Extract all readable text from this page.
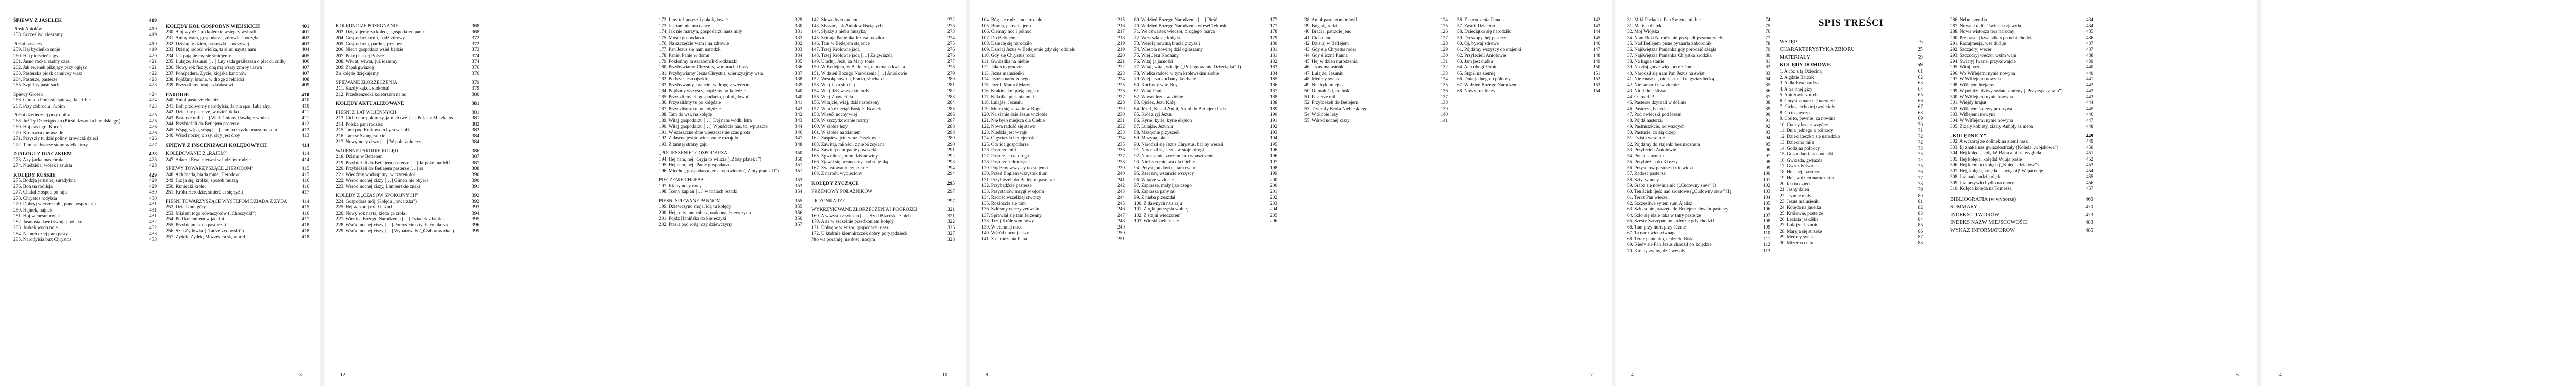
ŚPIEWY Z JASEŁEK	419
Piosk Aniołów	419
258. Szczęśliwi cieszamy	419
Pieśni pasterzy	419
259. Hej bydłeńko moje	419
260. Hej pierścień ujgy	420
261. Jasno rocka, cudny czas	421
262. Jak ewenek pikujący przy ogięzc	421
263. Pasterska piosk cannicky wasz	422
264. Pasterze, pasterze	423
265. Szpilbry pastusach	423
Śpiewy Głosek	424
266. Górek o Podłasiu śpiewąj ku Tobie	424
267. Przy dobrociu Twoim	425
Pieśni dźwięcznej przy dbiłku	425
268. Już Ty Dzieciątecku (Pieśń dzwonka huculskiego)	425
269. Hoj nas ugra Kocoń	426
270. Kirkowca tomasz Ile	426
271. Przyszły tu dziś poliny krowicki dzieci	426
272. Tam na dworze stoim wielka troy	427
DIAŁOGI Z DIACZKIEM	428
273. A ty jacka mascornia	428
274. Niedziela, wołek i szubla	428
KOLĘDY RUSKIE	429
275. Bodzja jerusinej suradybna	429
276. Boh ua rodilsja	429
277. Chafał Hospod po raju	430
278. Chrystos rodylsia	430
279. Dobryj wieczer tobi, pane hospodarju	431
280. Hajnek, hajnek	431
281. Hoj w mesuł myjat	431
282. Jaśniasta daeni świnjaj bohakoj	432
283. Joskek wodu noje	432
284. Na neb człęj para pasty	433
285. Narodylsia bux Chrystos	433
KOLĘDY KÓŁ GOSPODYŃ WIEJSKICH	401
230. A oj wy dziś po kolędzie wstępcy wybrali	401
231. Aniby wam, gospodarze, zdrowie spoczęła	402
232. Dzisiaj to dzień, pastuszki, spoczywaj	403
233. Dzisiaj radość wielka, ta si mi mystą nam	404
234. Jak pająnie my sie śmiejemy	405
235. Lulajże, Jezuniu […] Lny śada przilezsza o placku cridkj	406
236. Nowy rok fiszty, dną mą wsrsy zmroy ulewa	407
237. Pohśpadera, Życie, kiojska kanonów	407
238. Pojdźmy, bracia, w drogę z reklidzi	408
239. Przyszli my tutaj, szkódasowi	409
PARODIE	410
240. Aniol pasterze chlaniz	410
241. Boh przdiwomy narodylsia, Ja nia spał, luba zhył	410
242. Dzieciny pasterze, w dzień tkiko	411
243. Pasterze mili […] Wieleśmiony flaszkę z wódką	411
244. Przybieżeli do Betlejem pasterze	412
245. Wśpą, wśpą, wśpą […] Jam na szyzku maza ruckota	412
246. Wśod nocnej ciszy, cicy jest droy	413
ŚPIEWY Z INSCENIZACJI KOLĘDOWYCH	414
KOLĘDOWANIE Z „RAJEM”	414
247. Adam i Ewa, pierwsi w ludziów rodzie	414
ŚPIEWY TOWARZYSZĄCE „HERODOM”	415
248. Ach biada, biada mnie, Herodowi	415
249. Już ja się, krółku, sposób muszą	416
250. Kuniecki krole,	416
251. Królu Herodzie, śmierć ci się zyźli	417
PIEŚNI TOWARZYSZĄCE WYSTĘPOM DZIADA Z ŻYDA	414
252. Dziadkom góry	415
253. Miałem togo kdwaszyków („Choszydki”)	416
254. Pod kolendrem w jadalni	417
255. Przybiejmisz na pastuczki	418
256. Szła Żydówka („Tatrze żydowski”)	418
257. Żydek, Żydek, Mozzesien się wnrid	418
13
KOLĘDNICZE POŻEGNANIE	368
203. Dziękujemy za kolędę, gospodarzu panie	368
204. Gospodarzu mili, bądź zdrowy	372
205. Gospodarzu, pardon, przebeż	372
206. Niech gospodarz wsiel bądzie	373
207. Pokój naszej Polsce	374
208. Wiwat, wiwat, już idziemy	374
209. Zapal gwiazdę	376
Za kolędę dziękujemy	376
ŚPIEWANE ZŁORZECZENIA	379
211. Każdy kąkol, stokłosa!	379
212. Przedsenzecki kołebrzem na no	380
KOLĘDY AKTUALIZOWANE	381
PIEŚNI Z LAT WOJENNYCH	381
213. Cicha noc pokarczy, ja nieb twe […] Polak z Miszkatos	381
214. Polska pani radzisz	382
215. Tam pod Krakowem było wesołk	383
216. Tam w Szangostaxie	384
217. Nowy nocy ciszy […] W polu żołnierze	384
WOJENNE PARODIE KOLĘD	386
218. Dzisiaj w Betlejem	387
219. Przybieżeli do Betlejem pasterze […] Ja pokój na MO	387
220. Przybieżeli do Betlejem pasterze […] ss	388
221. Wiedźmy wodospitny, w czyreń dol	390
222. Wsród nocnej ciszy […] Gimen nie obywa	390
223. Wsród nocnej ciszy, Lamberskie znaki	391
KOLĘDY Z „CZASÓW SPOKOJNYCH”	392
224. Gospodarz mój (Kolęda „towarzka”)	392
225. Hej wczoraj miał i ażod	393
226. Nowy rok nasta, kieda ça zroła	394
227. Wieniec Bożego Narodzenia […] Dziadek z babką	395
228. Wśród nocnej ciszy […] Pomyślcie o tych, co płaczą	396
229. Wśród nocnej ciszy […] Wybatowały („Gsiborowicka”)	399
12
172. I my też przyszli pokolędować	329
173. Jak tam nie ma dance	330
174. Jak nie marzyn, gospodarzu nasz miły	331
175. Mości gospodarzu	332
176. Na szczęście wam i na zdrowie	332
177. Pan Jezus się nam narodził	333
178. Panie, Panie w domu	334
179. Pokłońmy ta szczodroli-Srodkuszki	335
180. Przybywiamy Chrystus, w murach i bosy	336
181. Przybywiamy Jezus Chrystus, wieruzyajmy wsia	337
182. Podszał Jesu ojszkfu	338
183. Przybywamy, brancie, w drogę z wieczora	339
184. Pojdźmy wszyscy, pójdźmy po kolędzie	340
185. Przyszli my ci, gospodarzu, pokolędować	340
186. Przyszliśmy tu po kolędzie	341
187. Przyszliśmy tu po kolędzie	342
188. Tam do wsi, na kolędę	342
189. Witaj gospodarzu […] Daj nam wódki litra	343
190. Witaj gospodarzu […] Wpuścicie nas, to, wpuszcie	344
191. W ezaszczne dnie wieszczasnie czas grota	346
192. Z dawna jest to wienszanie rozojdło	347
193. Z tamtej strony gaju	348
„POCIESZENIE” GOSPODARZA	350
194. Hej nam, hej! Gryja to wilizia („Zloty płatek I”)	350
195. Hej nam, hej! Panie gospodarzu	351
196. Miechuj, gospodarzu, ze ci opowiemy („Zloty płatek II”)	351
PIECZENIE CHLEBA	353
197. Kieby nocy nocy	353
198. Tceny kapłan […] w malach ostatki	354
PIEŚNI ŚPIEWANE PANNOM	355
199. Dziewczyno moja, idą tu kolędy	355
200. Hej co ty tam robisz, nadobna dziewczyno	356
201. Pojdź Hanińska do kiereczyki	356
202. Ptasia pod rożą rozy dziewczyny	357
142. Słowo było cudem	272
143. Słyszac, jak Aniołow liściących	273
144. Słyszy z nieba muzyką	273
145. Ścinaja Panienka Jezusa rodzika	274
146. Tam w Betlejem stajence	275
147. Trzej Królowie jadą	276
148. Trzej Królowie jadą […] Za gwiazdą	276
149. Uraduj, Jezu, sa Mary tonie	277
150. W Betlejem, w Betlejem, tam cnana kwiata	278
151. W dzień Bożego Narodzenia […] Aniołowie	279
152. Wesołą nowiną, bracia, słuchajcie	280
153. Wiej Jezu słuchaj	281
154. Wiej dziś wszystkie ludy	282
155. Wiej Zbawiciela	283
156. Witajcie, wiaj, dziś narodzony	284
157. Witań dzieciąś Boskiej Iścanek	285
158. Wiesół nocny wiej	286
159. W szczytkowanie rozmy	287
160. W złobie leży	288
161. W złobie na zianiem	288
162. Zaśpiewajcie wraz Daszkowie	289
163. Zawitaj, miłości, z nieba zsyłana	290
164. Zawitaj nam panie powszeki	291
165. Zgwołie się nam dziś nowiny	292
166. Zjawił się przanosrny nad stajenką	293
167. Zwiastowanie rzuszenie	294
168. Z narodu wypieciony	294
KOLĘDY ŻYCZĄCE	295
PRZEMOWY POŁAZNIKÓW	297
LICZONKARZE	297
WYKRZYKIWANE ZŁORZECZENIA I POGRÓŹKI	321
169. A wszystu z wiesnn […] Szed Bizcdska z nieba	321
170. A za w szczelnie przedkoniem kolędy	322
171. Dobrę w wieczór, gospodarzu nasz	325
172. U kudrnie kiemnirzczek dobry poryapdzieck	327
Ntó wa poramię, ne dość, nocym	328
10
104. Bóg się rodzi, moc truchleje	215
105. Bracia, patrzcie jeno	216
106. Ciemny noc i północ	217
107. Do Betlejem	218
108. Dziecię się narodziło	219
109. Dzisiaj Jezus w Betlejemie gdy się rodzieło	219
110. Gdy się Chrystus rodzi	220
111. Gwiazdka na niebie	221
112. Jakoś to grodzia	222
113. Jezus malusieńki	223
114. Jezusa narodzonego	224
115. Józef, Marta i Maryja	225
116. Krakiejakm pieją koguty	226
117. Kukułka pieklnia miał	227
118. Lulajże, Jezuniu	228
119. Mnim się stawało w Bogu	229
120. Na sianie dziś Jezus w złobie	230
121. Nie było miejsca dla Ciebie	231
122. Nowa radość się stawa	232
123. Niedżła jest w raju	233
124. O gwiazdo betlejemska	234
125. Oto idą gospodarze	235
126. Pasterze mili	236
127. Pasterz, co ta droga	237
128. Pasterze z dotcząsie	238
129. Pojdźmy wszyscy do stajenki	239
130. Przed Bogiem wszystek tłum	240
131. Przybieżeli do Betlejem pasterze	241
132. Przybądźcie pasterze	242
133. Przystanów mrygł w ojcem	243
134. Radość wszelkiej stworzy	244
135. Rozłóżcie się tom	245
136. Szłośmy rzeczy zedwolu	246
137. Sprawiał się tam Jerzenny	247
138. Trzej Króle sam nowy	248
139. W ciemnej noce	249
140. Wśród nocnej ciszy	250
141. Z narodzenia Pana	251
69. W dzień Bożego Narodzenia […] Pieśń	177
70. W dzień Bożego Narodzenia wiesel Telenski	177
71. We czwartek wieczór, drogiego marca	178
72. Wezaszla się kolęda	179
73. Wesołą nowiną bracia przyszli	180
74. Wiesoła nowinę dziś ogłaszamy	181
75. Wiej Jezu Kochany	181
76. Witaj ja jasności	182
77. Witaj, witaj, witalje („Pożegnowanie Dzieciątka” I)	183
78. Wielka radość w tym królewskim złobie	184
79. Wiej Jezu kochany, kochany	185
80. Kochony w to Bcy	186
81. Witaj Panie	187
82. Wiwat Jezus w złobie	188
83. Ojciec, Jezu Kolę	188
84. Józef, Kasial Anioł, Anioł do Betlejem Iuda	189
85. Król z ryj Jezus	190
86. Kyrie, kyrie, kyrie elejson	191
87. Lulajże, Jezuniu	192
88. Mszqcnie przyszedł	193
89. Muzyna, okuc	194
90. Narodził się Jezus Chrystus, baliny wesoli	195
91. Narodził się Jezus w stajni drogi	196
92. Narodzenie, zrozumiano wpuszczenie	196
93. Nie było miejsca dla Ciebie	197
94. Przystępu dayi na tam rycht	198
95. Rzeczsy, wstańcie wszyscy	199
96. Witajże w złobie	200
97. Zaprasze, mały ijzo czego	200
98. Zaprasza panyjaś	201
99. Z nieba przeszdał	202
100. Z dawnych nuz raju	203
101. Z ręki potrząsła wolnej	204
102. Z stajni wieczorem	205
103. Wioski zieleniasie	206
9
38. Anioł pasterzom mówił	124
39. Bóg się rodzi	125
40. Bracia, patrzcie jeno	126
41. Cicha noc	127
42. Dzisiaj w Betlejem	128
43. Gdy się Chrystus rodzi	129
44. Gdy śliczna Panna	130
45. Hej w dzień narodzenia	131
46. Jezus malusieńki	132
47. Lulajże, Jezuniu	133
48. Mędrcy świata	134
49. Nie było miejsca	135
50. Oj maluśki, maluśki	136
51. Pasterze mili	137
52. Przybieżeli do Betlejem	138
53. Tryumfy Króla Niebieskiego	139
54. W żłobie leży	140
55. Wśród nocnej ciszy	141
56. Z narodzenia Pana	142
57. Zaśnij Dziecino	143
58. Dzieciątko się narodziło	144
59. Do szopy, hej pasterze	145
60. Oj, bywaj zdrowe	146
61. Pójdźmy wszyscy do stajenki	147
62. Przylecieli Aniołowie	148
63. Jam jest dudka	149
64. Ach ubogi żłobie	150
65. Stąpił na ziemię	151
66. Dnia jednego o północy	152
67. W dzień Bożego Narodzenia	153
68. Nowy rok bieży	154
7
31. Mikł Paclacki, Pan Świętoa niebie	74
31. Matis a dłatek	75
32. Mój Wiojska	76
34. Nam Bożi Narodzenie przypadi pszarna wiely	77
35. Nad Betlejem pisne pyznarla zaborcinik	78
36. Najświętsza Panienka gdy porodzić ażsąła	79
37. Najświętsza Panienka Chrystka zrodziła	80
38. Na kąpie stanie	81
39. Na ziaj gorze więciorze ziśnnie	82
40. Narodził się nam Pan Jezus na świat	83
41. Nie znasz ci, nie zasz nad tą gwiazdiećką	84
42. Nie łamarli niw ziemie	85
43. Nit jbdnie śliwan	86
44. O Józefie!	87
45. Pasterze dzyraali w dolinie	88
46. Pasterzu, baczcie	89
47. Pod owieczki pod lasem	90
48. Pójdź nasterzu	91
49. Pastnuszkcie, od wazcych	92
50. Pastucie, co sią drzep	93
51. Dzisia weselnie	94
52. Pojdźmy do stajenki bez nacznem	95
53. Przylecieli Aniołowie	96
54. Ponad stacuniu	97
55. Przybież ja do Ki ezzy	98
56. Przystepsz pastuszki nie widzi	99
57. Radość pasterze	100
58. Szły, w nocy	101
59. Sraba się nowinie nić („Cudowny siew” I)	102
60. Ten ścisk ijeść nad zrostowe („Cudowny siew” II)	103
61. Teraz Pan wierzei	104
62. Szczęśliwe sytem sum Ajalisz	105
63. Szło sobie prazzęta do Betlejem chwaln pasterzy	106
64. Szło się idzie taka w tatry pasterze	107
65. Szesty Szczepan po kolędzie gdy chodził	108
66. Tam przy hurr, przy śćżnie	109
67. Ta nac uwietsciwnaga	110
68. Teraz panienko, te dzieki Biska	111
69. Kiedy sie Pan Jezus chodził po kolędzie	112
70. Kto by zwiny, dziś wesoły	113
SPIS TREŚCI
WSTĘP	15
CHARAKTERYSTYKA ZBIORU	25
MATERIAŁY	59
KOLĘDY DOMOWE	59
1. A cóż z tą Dzieciną	61
2. A gdzie Barzak	62
3. A dla Ewa bardzo	63
4. A tra nnej gizy	64
5. Aniołowie z nieba	65
6. Chrystus nam się narodził	66
7. Cicho, cicho tej twoi ciały	67
8. Co to tawezp	68
9. Coś to, pewnie, za nowina	69
10. Cudny las na wzgórzu	70
11. Dnia jednego o północy	71
12. Dzieciąteczko się narodziło	72
13. Dziecino miła	72
14. Godzina północy	73
15. Gospodarki, gospodarki	73
16. Gwiazda, gwiazda	74
17. Gwiazdy świecą	75
18. Hej, hej, pasterze	76
19. Hej, w dzień narodzenia	77
20. Idą tu dzieci	78
21. Jasny dzień	79
22. Jezusie mały	80
23. Jezus malusieńki	81
24. Kolęda na jasełka	82
25. Królowie, pasterze	83
26. Leciała jaskółka	84
27. Lulajże, Jezuniu	85
28. Maryja się strzeże	86
29. Mędrcy świata	87
30. Mizerna cicha	88
4
286. Nebo i zemlia	434
287. Nowaja radist' świta na zjawyła	434
288. Nowa wistosza tera narodny	435
290. Prekrasnej kwaladkas po nebi chodyla	436
291. Radujmesja, wse liudije	437
292. Szczadryj wecer	437
293. Szczodryj weczor wsim wam	438
294. Światyj Iwane, przykowajcie	439
295. Witaj bożo	440
296. Wo Wiflejemi nynie nowyna	440
297. W Wiflejemi nowyna	441
298. Wiflejem hiejamy	442
299. W pobliżu dziwy świata zanizny („Przyrząka z raju”)	442
300. W Wiflejemi nynie nowyna	443
301. Wiejdy hrajut	444
302. Wiflejem śpiewy prokrywa	445
303. Wiflejemi nowyna	446
304. W Wiflejemi nynie nowyna	447
305. Zizaly kobiety, zizaly Anholy iz nieba	448
„KOLĘDNICY”	449
302. A wczoraj ze dolinek na ziemi nasz	449
303. Ej znatła nas gwiazdostrzały (Kolęda „wojskowa”)	450
304. Hej kolęda, kolęda! Babu a pisza wygłada	451
305. Hej kolęda, kolęda! Wiuja pośle	452
306. Hej kiemi to kolęda („Kolęda-dziadów”)	453
307. Hej, kolęda, kolęda … więcoij! Wapatrzeje	454
308. Już nadchodzi kolęda	455
309. Już przyszło bydło na obory	456
310. Kolęda kolęda na Tomesza	457
BIBLIOGRAFIA (w wyborze)	460
SUMMARY	470
INDEKS UTWORÓW	473
INDEKS NAZW MIEJSCOWOŚCI	483
WYKAZ INFORMATORÓW	485
5	14
